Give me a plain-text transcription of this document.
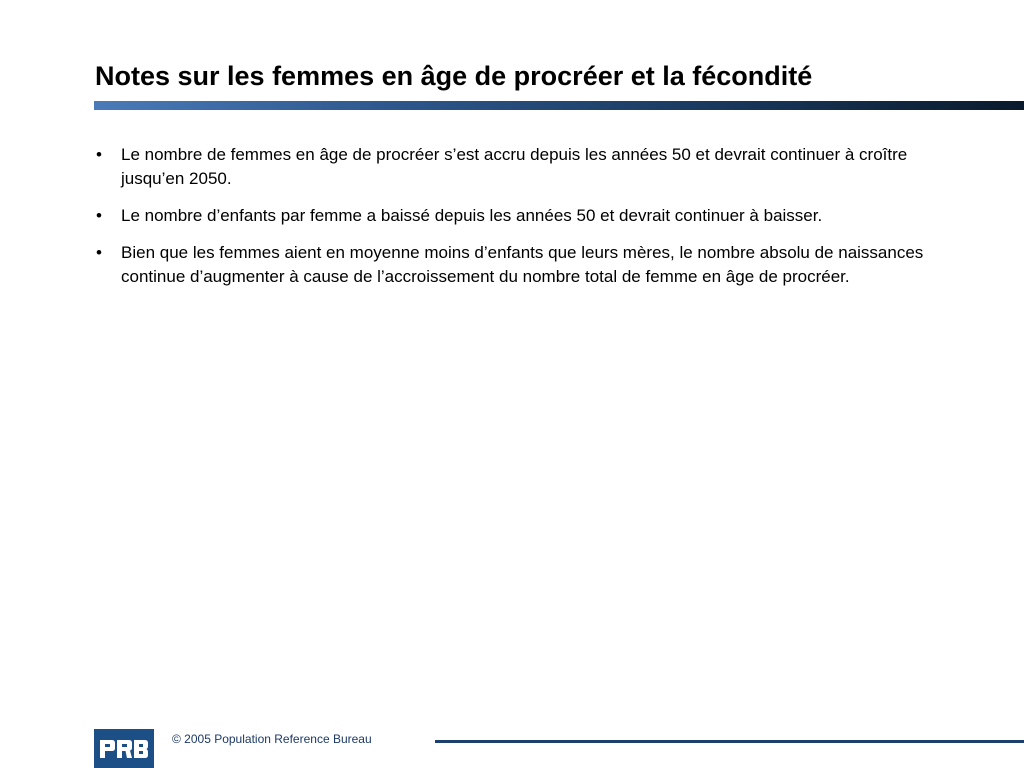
Notes sur les femmes en âge de procréer et la fécondité
• Le nombre de femmes en âge de procréer s’est accru depuis les années 50 et devrait continuer à croître jusqu’en 2050.
• Le nombre d’enfants par femme a baissé depuis les années 50 et devrait continuer à baisser.
• Bien que les femmes aient en moyenne moins d’enfants que leurs mères, le nombre absolu de naissances continue d’augmenter à cause de l’accroissement du nombre total de femme en âge de procréer.
© 2005 Population Reference Bureau
